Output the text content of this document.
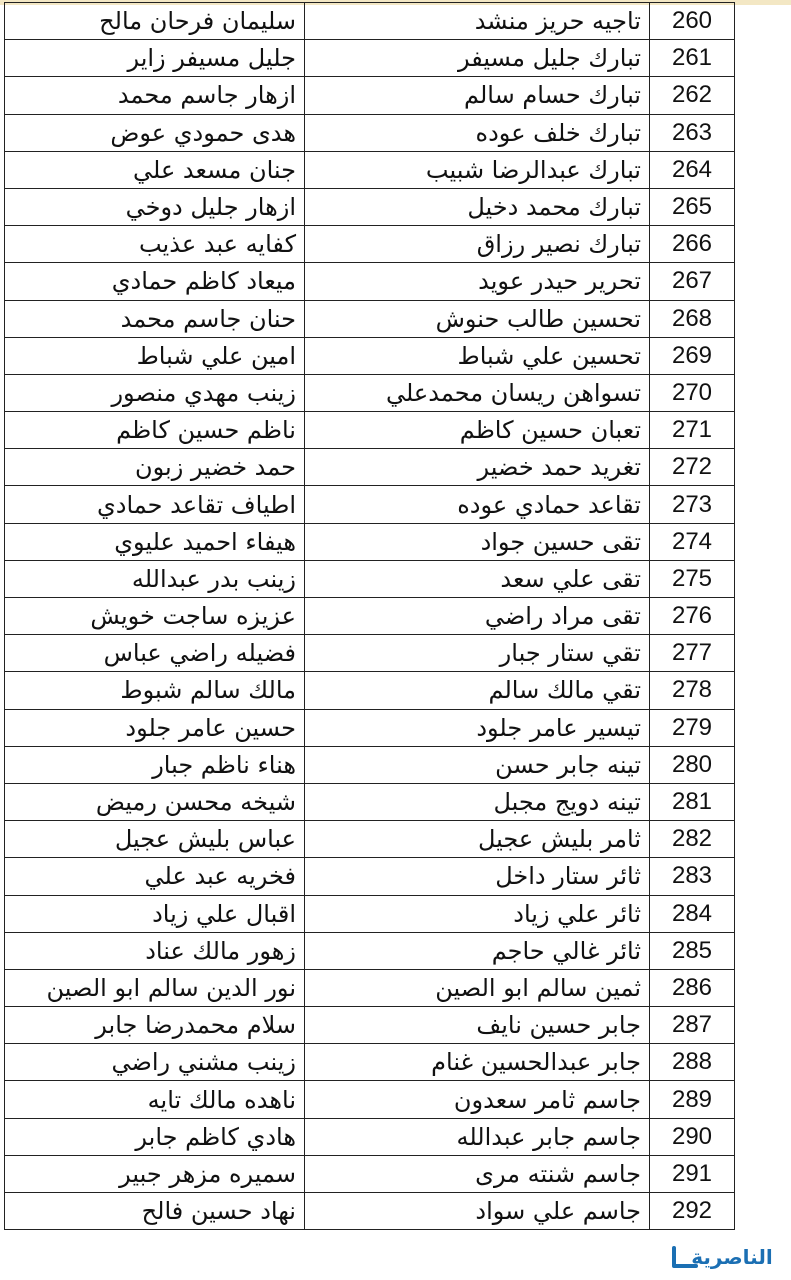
سليمان فرحان مالح	تاجيه حريز منشد	260
جليل مسيفر زاير	تبارك جليل مسيفر	261
ازهار جاسم محمد	تبارك حسام سالم	262
هدى حمودي عوض	تبارك خلف عوده	263
جنان مسعد علي	تبارك عبدالرضا شبيب	264
ازهار جليل دوخي	تبارك محمد دخيل	265
كفايه عبد عذيب	تبارك نصير رزاق	266
ميعاد كاظم حمادي	تحرير حيدر عويد	267
حنان جاسم محمد	تحسين طالب حنوش	268
امين علي شباط	تحسين علي شباط	269
زينب مهدي منصور	تسواهن ريسان محمدعلي	270
ناظم حسين كاظم	تعبان حسين كاظم	271
حمد خضير زبون	تغريد حمد خضير	272
اطياف تقاعد حمادي	تقاعد حمادي عوده	273
هيفاء احميد عليوي	تقى حسين جواد	274
زينب بدر عبدالله	تقى علي سعد	275
عزيزه ساجت خويش	تقى مراد راضي	276
فضيله راضي عباس	تقي ستار جبار	277
مالك سالم شبوط	تقي مالك سالم	278
حسين عامر جلود	تيسير عامر جلود	279
هناء ناظم جبار	تينه جابر حسن	280
شيخه محسن رميض	تينه دويج مجبل	281
عباس بليش عجيل	ثامر بليش عجيل	282
فخريه عبد علي	ثائر ستار داخل	283
اقبال علي زياد	ثائر علي زياد	284
زهور مالك عناد	ثائر غالي حاجم	285
نور الدين سالم ابو الصين	ثمين سالم ابو الصين	286
سلام محمدرضا جابر	جابر حسين نايف	287
زينب مشني راضي	جابر عبدالحسين غنام	288
ناهده مالك تايه	جاسم ثامر سعدون	289
هادي كاظم جابر	جاسم جابر عبدالله	290
سميره مزهر جبير	جاسم شنته مرى	291
نهاد حسين فالح	جاسم علي سواد	292
الناصرية
